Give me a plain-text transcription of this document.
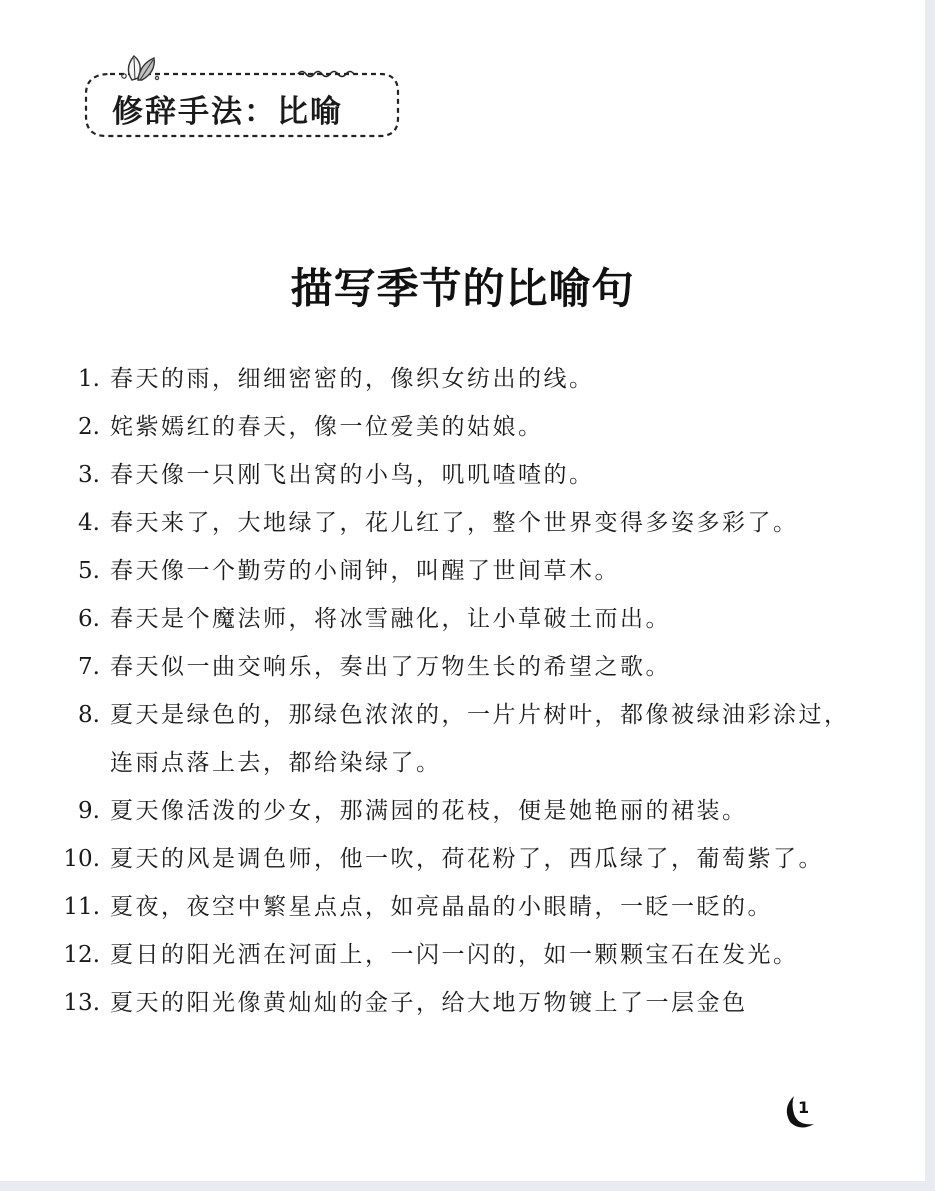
修辞手法：比喻
描写季节的比喻句
1. 春天的雨，细细密密的，像织女纺出的线。
2. 姹紫嫣红的春天，像一位爱美的姑娘。
3. 春天像一只刚飞出窝的小鸟，叽叽喳喳的。
4. 春天来了，大地绿了，花儿红了，整个世界变得多姿多彩了。
5. 春天像一个勤劳的小闹钟，叫醒了世间草木。
6. 春天是个魔法师，将冰雪融化，让小草破土而出。
7. 春天似一曲交响乐，奏出了万物生长的希望之歌。
8. 夏天是绿色的，那绿色浓浓的，一片片树叶，都像被绿油彩涂过，连雨点落上去，都给染绿了。
9. 夏天像活泼的少女，那满园的花枝，便是她艳丽的裙装。
10. 夏天的风是调色师，他一吹，荷花粉了，西瓜绿了，葡萄紫了。
11. 夏夜，夜空中繁星点点，如亮晶晶的小眼睛，一眨一眨的。
12. 夏日的阳光洒在河面上，一闪一闪的，如一颗颗宝石在发光。
13. 夏天的阳光像黄灿灿的金子，给大地万物镀上了一层金色
1
